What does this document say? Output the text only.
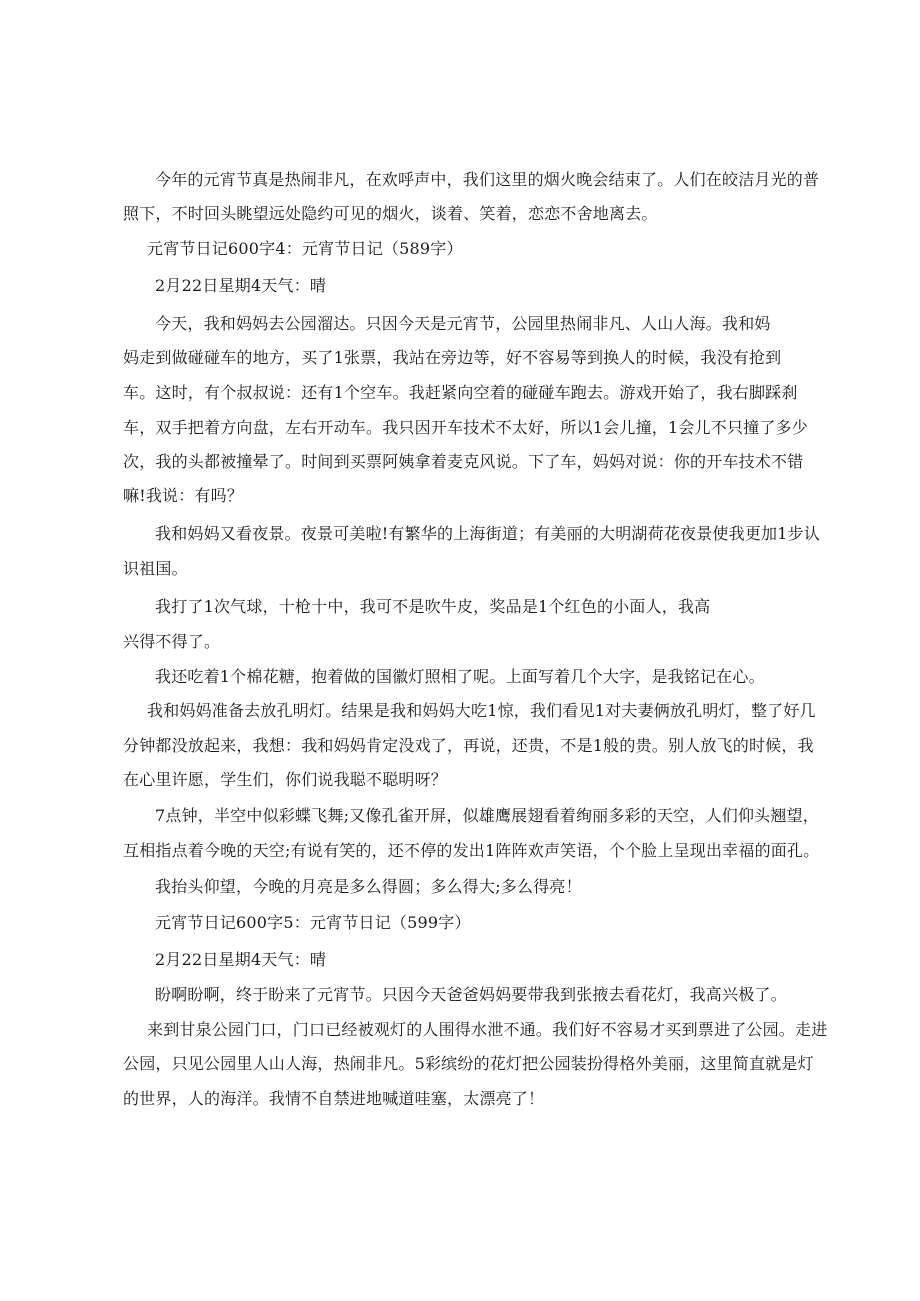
今年的元宵节真是热闹非凡，在欢呼声中，我们这里的烟火晚会结束了。人们在皎洁月光的普
照下，不时回头眺望远处隐约可见的烟火，谈着、笑着，恋恋不舍地离去。
元宵节日记600字4：元宵节日记（589字）
2月22日星期4天气：晴
今天，我和妈妈去公园溜达。只因今天是元宵节，公园里热闹非凡、人山人海。我和妈
妈走到做碰碰车的地方，买了1张票，我站在旁边等，好不容易等到换人的时候，我没有抢到
车。这时，有个叔叔说：还有1个空车。我赶紧向空着的碰碰车跑去。游戏开始了，我右脚踩刹
车，双手把着方向盘，左右开动车。我只因开车技术不太好，所以1会儿撞，1会儿不只撞了多少
次，我的头都被撞晕了。时间到买票阿姨拿着麦克风说。下了车，妈妈对说：你的开车技术不错
嘛!我说：有吗？
我和妈妈又看夜景。夜景可美啦!有繁华的上海街道；有美丽的大明湖荷花夜景使我更加1步认
识祖国。
我打了1次气球，十枪十中，我可不是吹牛皮，奖品是1个红色的小面人，我高
兴得不得了。
我还吃着1个棉花糖，抱着做的国徽灯照相了呢。上面写着几个大字，是我铭记在心。
我和妈妈准备去放孔明灯。结果是我和妈妈大吃1惊，我们看见1对夫妻俩放孔明灯，整了好几
分钟都没放起来，我想：我和妈妈肯定没戏了，再说，还贵，不是1般的贵。别人放飞的时候，我
在心里许愿，学生们，你们说我聪不聪明呀？
7点钟，半空中似彩蝶飞舞;又像孔雀开屏，似雄鹰展翅看着绚丽多彩的天空，人们仰头翘望，
互相指点着今晚的天空;有说有笑的，还不停的发出1阵阵欢声笑语，个个脸上呈现出幸福的面孔。
我抬头仰望，今晚的月亮是多么得圆；多么得大;多么得亮！
元宵节日记600字5：元宵节日记（599字）
2月22日星期4天气：晴
盼啊盼啊，终于盼来了元宵节。只因今天爸爸妈妈要带我到张掖去看花灯，我高兴极了。
来到甘泉公园门口，门口已经被观灯的人围得水泄不通。我们好不容易才买到票进了公园。走进
公园，只见公园里人山人海，热闹非凡。5彩缤纷的花灯把公园装扮得格外美丽，这里简直就是灯
的世界，人的海洋。我情不自禁进地喊道哇塞，太漂亮了！
